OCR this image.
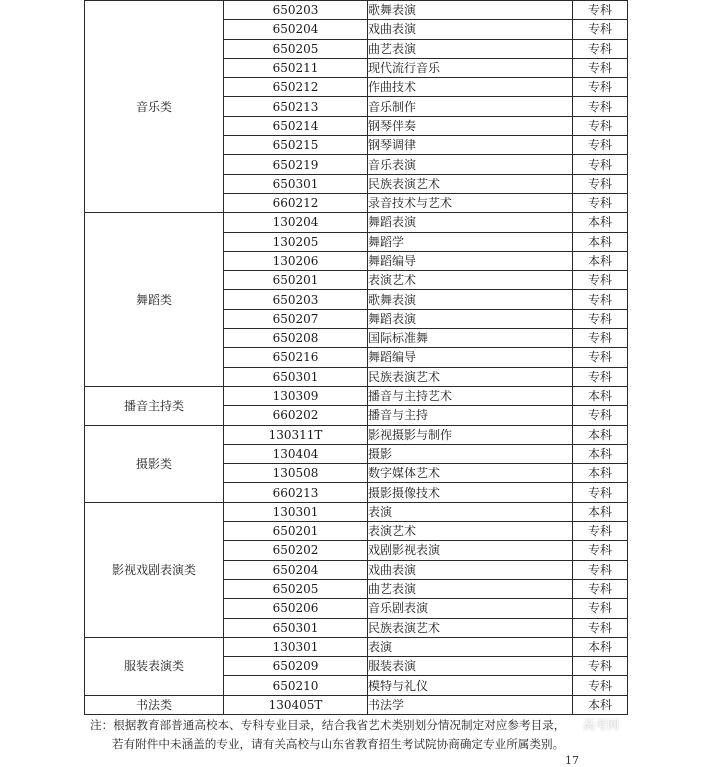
音乐类	650203	歌舞表演	专科
	650204	戏曲表演	专科
	650205	曲艺表演	专科
	650211	现代流行音乐	专科
	650212	作曲技术	专科
	650213	音乐制作	专科
	650214	钢琴伴奏	专科
	650215	钢琴调律	专科
	650219	音乐表演	专科
	650301	民族表演艺术	专科
	660212	录音技术与艺术	专科
舞蹈类	130204	舞蹈表演	本科
	130205	舞蹈学	本科
	130206	舞蹈编导	本科
	650201	表演艺术	专科
	650203	歌舞表演	专科
	650207	舞蹈表演	专科
	650208	国际标准舞	专科
	650216	舞蹈编导	专科
	650301	民族表演艺术	专科
播音主持类	130309	播音与主持艺术	本科
	660202	播音与主持	专科
摄影类	130311T	影视摄影与制作	本科
	130404	摄影	本科
	130508	数字媒体艺术	本科
	660213	摄影摄像技术	专科
影视戏剧表演类	130301	表演	本科
	650201	表演艺术	专科
	650202	戏剧影视表演	专科
	650204	戏曲表演	专科
	650205	曲艺表演	专科
	650206	音乐剧表演	专科
	650301	民族表演艺术	专科
服装表演类	130301	表演	本科
	650209	服装表演	专科
	650210	模特与礼仪	专科
书法类	130405T	书法学	本科
注：根据教育部普通高校本、专科专业目录，结合我省艺术类别划分情况制定对应参考目录，
若有附件中未涵盖的专业，请有关高校与山东省教育招生考试院协商确定专业所属类别。
高考网
17
